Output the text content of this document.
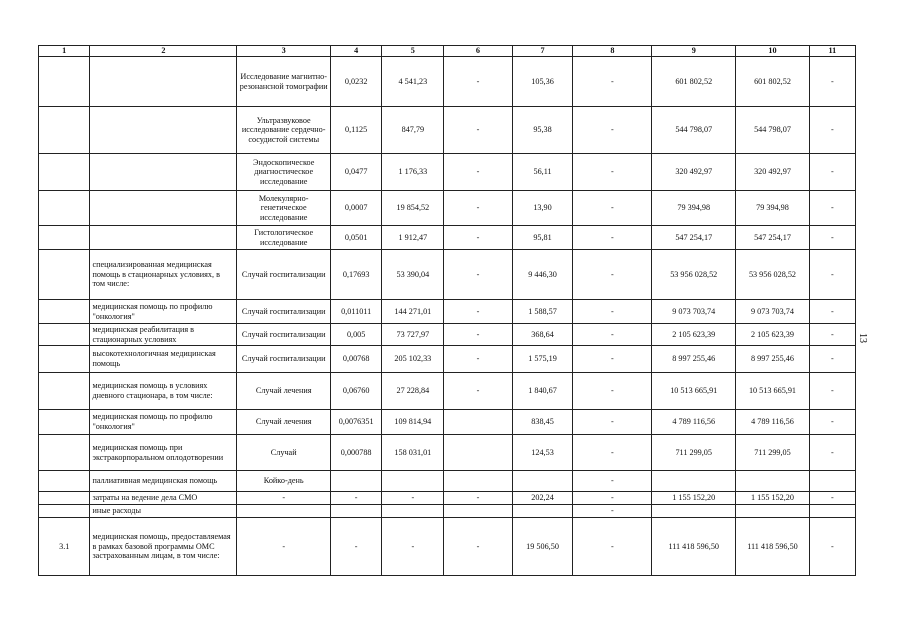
1	2	3	4	5	6	7	8	9	10	11
		Исследование магнитно-резонансной томографии	0,0232	4 541,23	-	105,36	-	601 802,52	601 802,52	-
		Ультразвуковое исследование сердечно-сосудистой системы	0,1125	847,79	-	95,38	-	544 798,07	544 798,07	-
		Эндоскопическое диагностическое исследование	0,0477	1 176,33	-	56,11	-	320 492,97	320 492,97	-
		Молекулярно-генетическое исследование	0,0007	19 854,52	-	13,90	-	79 394,98	79 394,98	-
		Гистологическое исследование	0,0501	1 912,47	-	95,81	-	547 254,17	547 254,17	-
	специализированная медицинская помощь в стационарных условиях, в том числе:	Случай госпитализации	0,17693	53 390,04	-	9 446,30	-	53 956 028,52	53 956 028,52	-
	медицинская помощь по профилю "онкология"	Случай госпитализации	0,011011	144 271,01	-	1 588,57	-	9 073 703,74	9 073 703,74	-
	медицинская реабилитация в стационарных условиях	Случай госпитализации	0,005	73 727,97	-	368,64	-	2 105 623,39	2 105 623,39	-
	высокотехнологичная медицинская помощь	Случай госпитализации	0,00768	205 102,33	-	1 575,19	-	8 997 255,46	8 997 255,46	-
	медицинская помощь в условиях дневного стационара, в том числе:	Случай лечения	0,06760	27 228,84	-	1 840,67	-	10 513 665,91	10 513 665,91	-
	медицинская помощь по профилю "онкология"	Случай лечения	0,0076351	109 814,94		838,45	-	4 789 116,56	4 789 116,56	-
	медицинская помощь при экстракорпоральном оплодотворении	Случай	0,000788	158 031,01		124,53	-	711 299,05	711 299,05	-
	паллиативная медицинская помощь	Койко-день					-			
	затраты на ведение дела СМО	-	-	-	-	202,24	-	1 155 152,20	1 155 152,20	-
	иные расходы						-			
3.1	медицинская помощь, предоставляемая в рамках базовой программы ОМС застрахованным лицам, в том числе:	-	-	-	-	19 506,50	-	111 418 596,50	111 418 596,50	-
13
